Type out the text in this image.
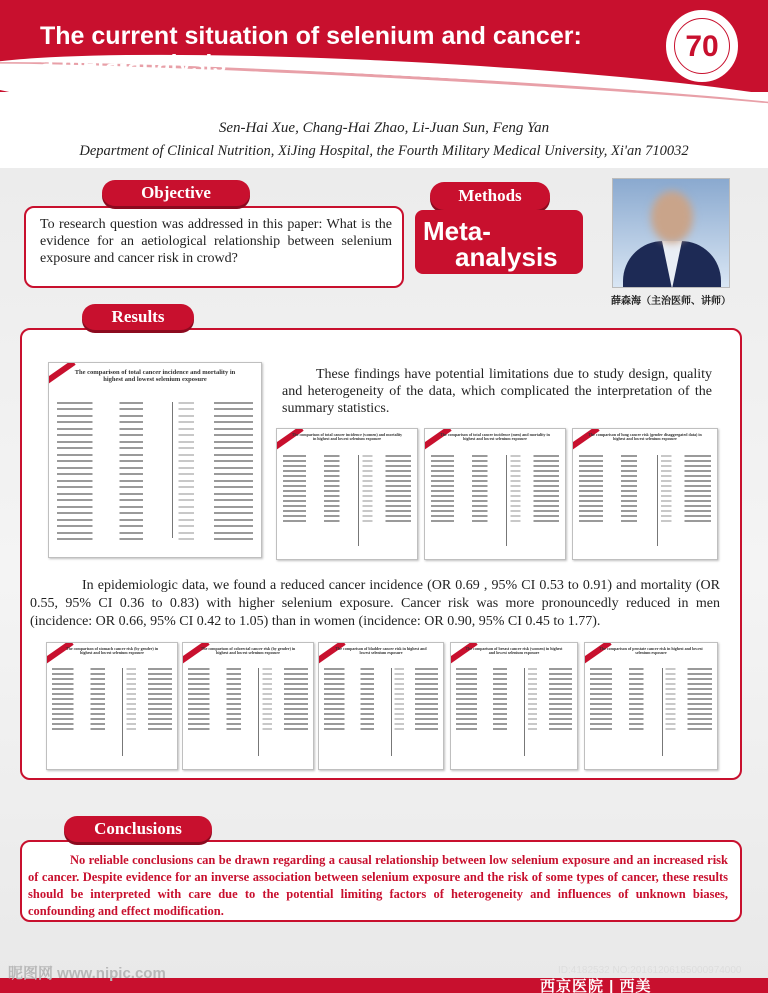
The current situation of selenium and cancer:
a meta-analysis
70
Sen-Hai Xue, Chang-Hai Zhao, Li-Juan Sun, Feng Yan
Department of Clinical Nutrition, XiJing Hospital, the Fourth Military Medical University, Xi'an 710032
Objective
To research question was addressed in this paper: What is the evidence for an aetiological relationship between selenium exposure and cancer risk in crowd?
Methods
Meta-
analysis
薛森海（主治医师、讲师）
Results
The comparison of total cancer incidence and mortality in highest and lowest selenium exposure	These findings have potential limitations due to study design, quality and heterogeneity of the data, which complicated the interpretation of the summary statistics.
The comparison of total cancer incidence (women) and mortality in highest and lowest selenium exposure
The comparison of total cancer incidence (men) and mortality in highest and lowest selenium exposure
The comparison of lung cancer risk (gender disaggregated data) in highest and lowest selenium exposure
In epidemiologic data, we found a reduced cancer incidence (OR 0.69 , 95% CI 0.53 to 0.91) and mortality (OR 0.55, 95% CI 0.36 to 0.83) with higher selenium exposure. Cancer risk was more pronouncedly reduced in men (incidence: OR 0.66, 95% CI 0.42 to 1.05) than in women (incidence: OR 0.90, 95% CI 0.45 to 1.77).
The comparison of stomach cancer risk (by gender) in highest and lowest selenium exposure
The comparison of colorectal cancer risk (by gender) in highest and lowest selenium exposure
The comparison of bladder cancer risk in highest and lowest selenium exposure
The comparison of breast cancer risk (women) in highest and lowest selenium exposure
The comparison of prostate cancer risk in highest and lowest selenium exposure
Conclusions
No reliable conclusions can be drawn regarding a causal relationship between low selenium exposure and an increased risk of cancer. Despite evidence for an inverse association between selenium exposure and the risk of some types of cancer, these results should be interpreted with care due to the potential limiting factors of heterogeneity and influences of unknown biases, confounding and effect modification.
昵图网 www.nipic.com	ID:4182532 NO:20161206185000974000
西京医院 | 西美
